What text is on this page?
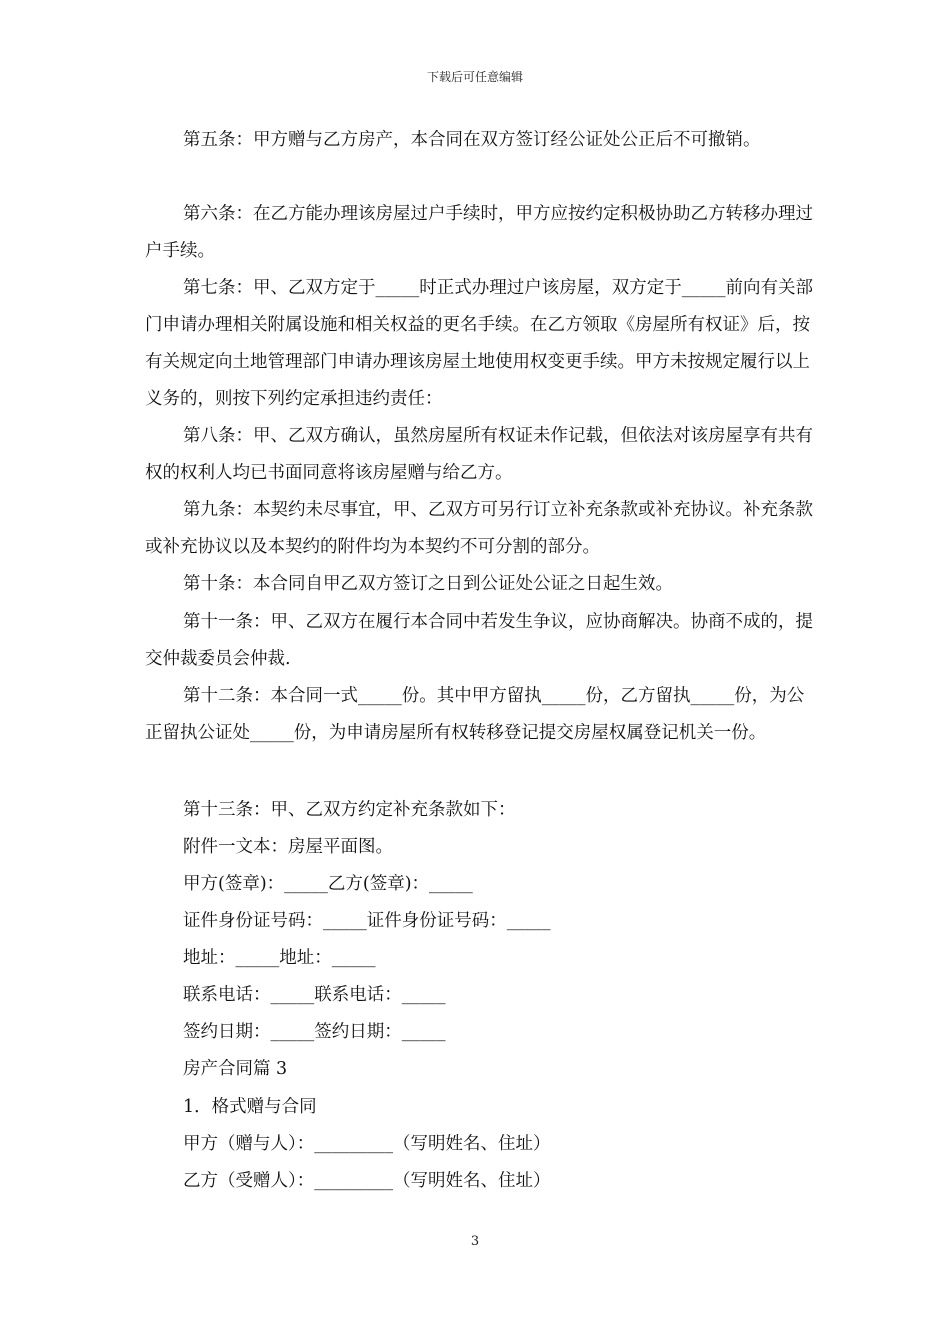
下载后可任意编辑
第五条：甲方赠与乙方房产，本合同在双方签订经公证处公正后不可撤销。
第六条：在乙方能办理该房屋过户手续时，甲方应按约定积极协助乙方转移办理过户手续。
第七条：甲、乙双方定于_____时正式办理过户该房屋，双方定于_____前向有关部门申请办理相关附属设施和相关权益的更名手续。在乙方领取《房屋所有权证》后，按有关规定向土地管理部门申请办理该房屋土地使用权变更手续。甲方未按规定履行以上义务的，则按下列约定承担违约责任：
第八条：甲、乙双方确认，虽然房屋所有权证未作记载，但依法对该房屋享有共有权的权利人均已书面同意将该房屋赠与给乙方。
第九条：本契约未尽事宜，甲、乙双方可另行订立补充条款或补充协议。补充条款或补充协议以及本契约的附件均为本契约不可分割的部分。
第十条：本合同自甲乙双方签订之日到公证处公证之日起生效。
第十一条：甲、乙双方在履行本合同中若发生争议，应协商解决。协商不成的，提交仲裁委员会仲裁.
第十二条：本合同一式_____份。其中甲方留执_____份，乙方留执_____份，为公正留执公证处_____份，为申请房屋所有权转移登记提交房屋权属登记机关一份。
第十三条：甲、乙双方约定补充条款如下：
附件一文本：房屋平面图。
甲方(签章)：_____乙方(签章)：_____
证件身份证号码：_____证件身份证号码：_____
地址：_____地址：_____
联系电话：_____联系电话：_____
签约日期：_____签约日期：_____
房产合同篇 3
1．格式赠与合同
甲方（赠与人）：_________（写明姓名、住址）
乙方（受赠人）：_________（写明姓名、住址）
3
